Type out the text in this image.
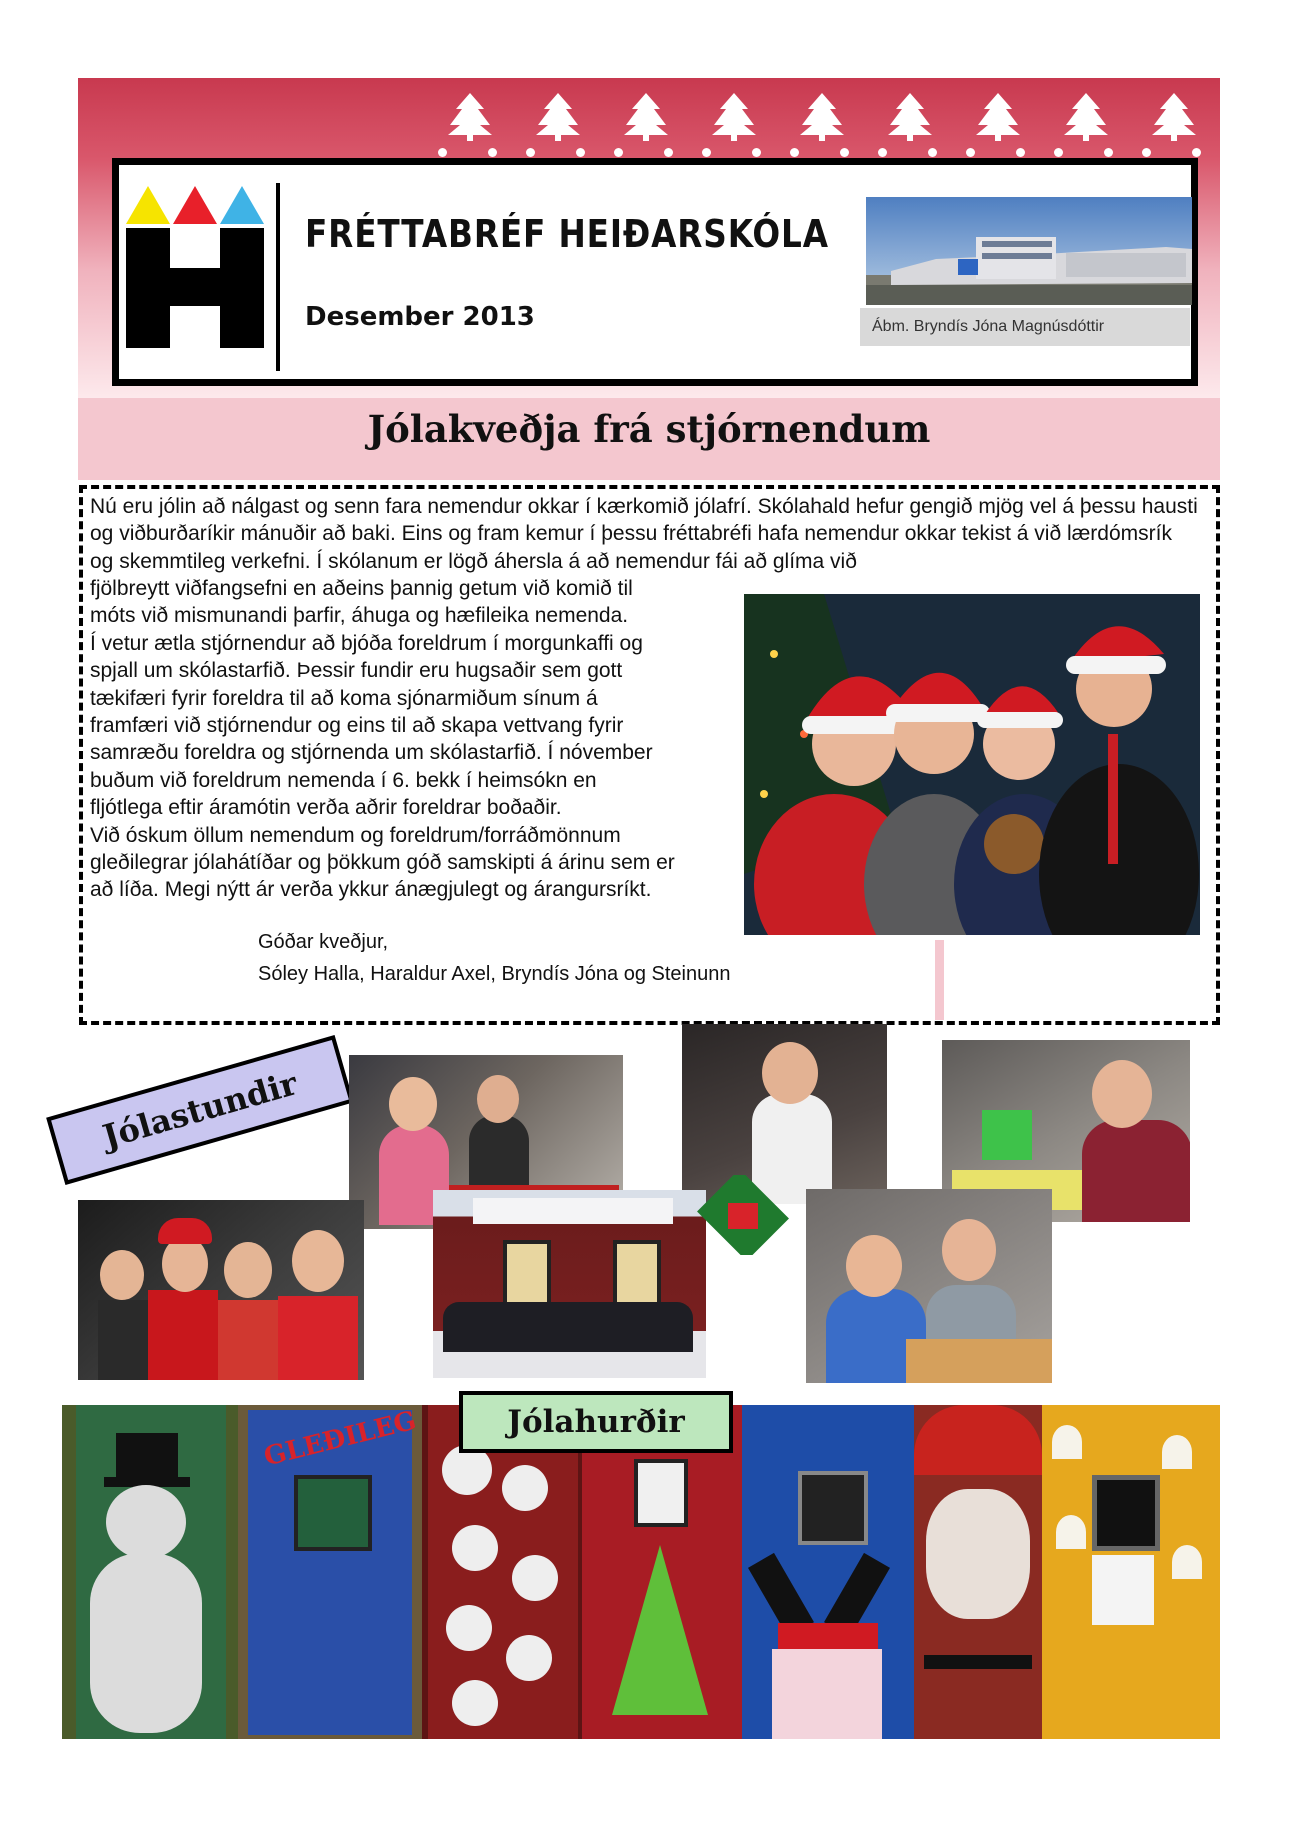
FRÉTTABRÉF HEIÐARSKÓLA
Desember 2013	Ábm. Bryndís Jóna Magnúsdóttir
Jólakveðja frá stjórnendum
Nú eru jólin að nálgast og senn fara nemendur okkar í kærkomið jólafrí. Skólahald hefur gengið mjög vel á þessu hausti og viðburðaríkir mánuðir að baki. Eins og fram kemur í þessu fréttabréfi hafa nemendur okkar tekist á við lærdómsrík og skemmtileg verkefni. Í skólanum er lögð áhersla á að nemendur fái að glíma við
fjölbreytt viðfangsefni en aðeins þannig getum við komið til
móts við mismunandi þarfir, áhuga og hæfileika nemenda.
Í vetur ætla stjórnendur að bjóða foreldrum í morgunkaffi og
spjall um skólastarfið. Þessir fundir eru hugsaðir sem gott
tækifæri fyrir foreldra til að koma sjónarmiðum sínum á
framfæri við stjórnendur og eins til að skapa vettvang fyrir
samræðu foreldra og stjórnenda um skólastarfið. Í nóvember
buðum við foreldrum nemenda í 6. bekk í heimsókn en
fljótlega eftir áramótin verða aðrir foreldrar boðaðir.
Við óskum öllum nemendum og foreldrum/forráðmönnum
gleðilegrar jólahátíðar og þökkum góð samskipti á árinu sem er
að líða. Megi nýtt ár verða ykkur ánægjulegt og árangursríkt.
Góðar kveðjur,
Sóley Halla, Haraldur Axel, Bryndís Jóna og Steinunn
Jólastundir
GLEÐILEG	Jólahurðir
